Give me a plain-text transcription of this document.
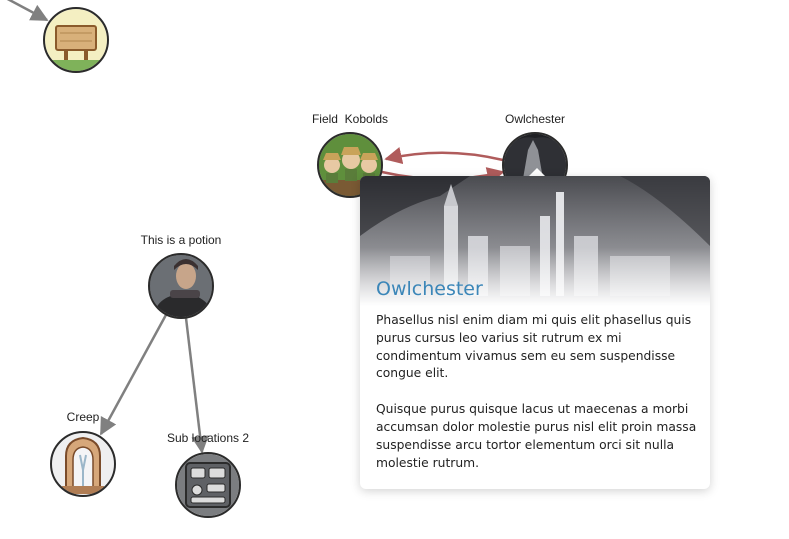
Field  Kobolds	Owlchester
This is a potion
Creep
Sub locations 2
Owlchester

Phasellus nisl enim diam mi quis elit phasellus quis purus cursus leo varius sit rutrum ex mi condimentum vivamus sem eu sem suspendisse congue elit.

Quisque purus quisque lacus ut maecenas a morbi accumsan dolor molestie purus nisl elit proin massa suspendisse arcu tortor elementum orci sit nulla molestie rutrum.
